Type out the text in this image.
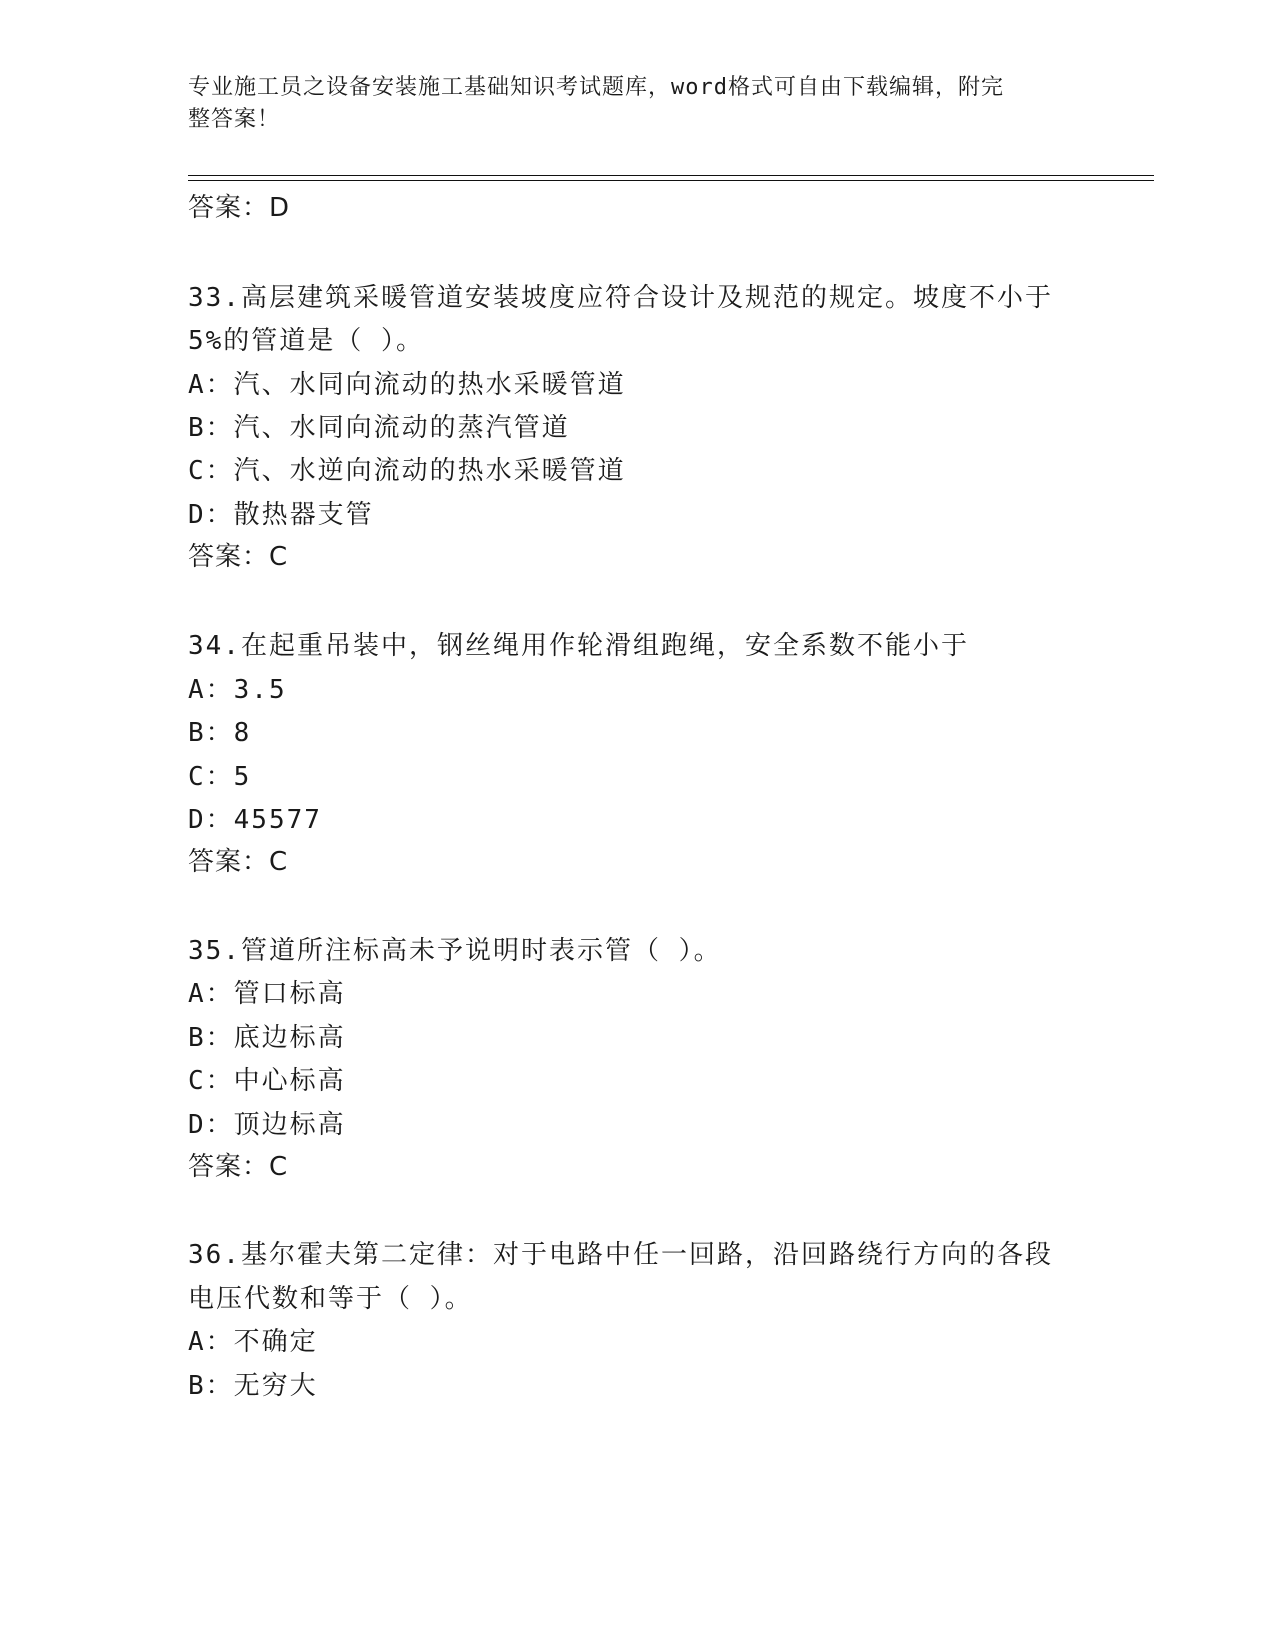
专业施工员之设备安装施工基础知识考试题库，word格式可自由下载编辑，附完
整答案！
答案：D
33.高层建筑采暖管道安装坡度应符合设计及规范的规定。坡度不小于
5%的管道是（ ）。
A：汽、水同向流动的热水采暖管道
B：汽、水同向流动的蒸汽管道
C：汽、水逆向流动的热水采暖管道
D：散热器支管
答案：C
34.在起重吊装中，钢丝绳用作轮滑组跑绳，安全系数不能小于
A：3.5
B：8
C：5
D：45577
答案：C
35.管道所注标高未予说明时表示管（ ）。
A：管口标高
B：底边标高
C：中心标高
D：顶边标高
答案：C
36.基尔霍夫第二定律：对于电路中任一回路，沿回路绕行方向的各段
电压代数和等于（ ）。
A：不确定
B：无穷大
